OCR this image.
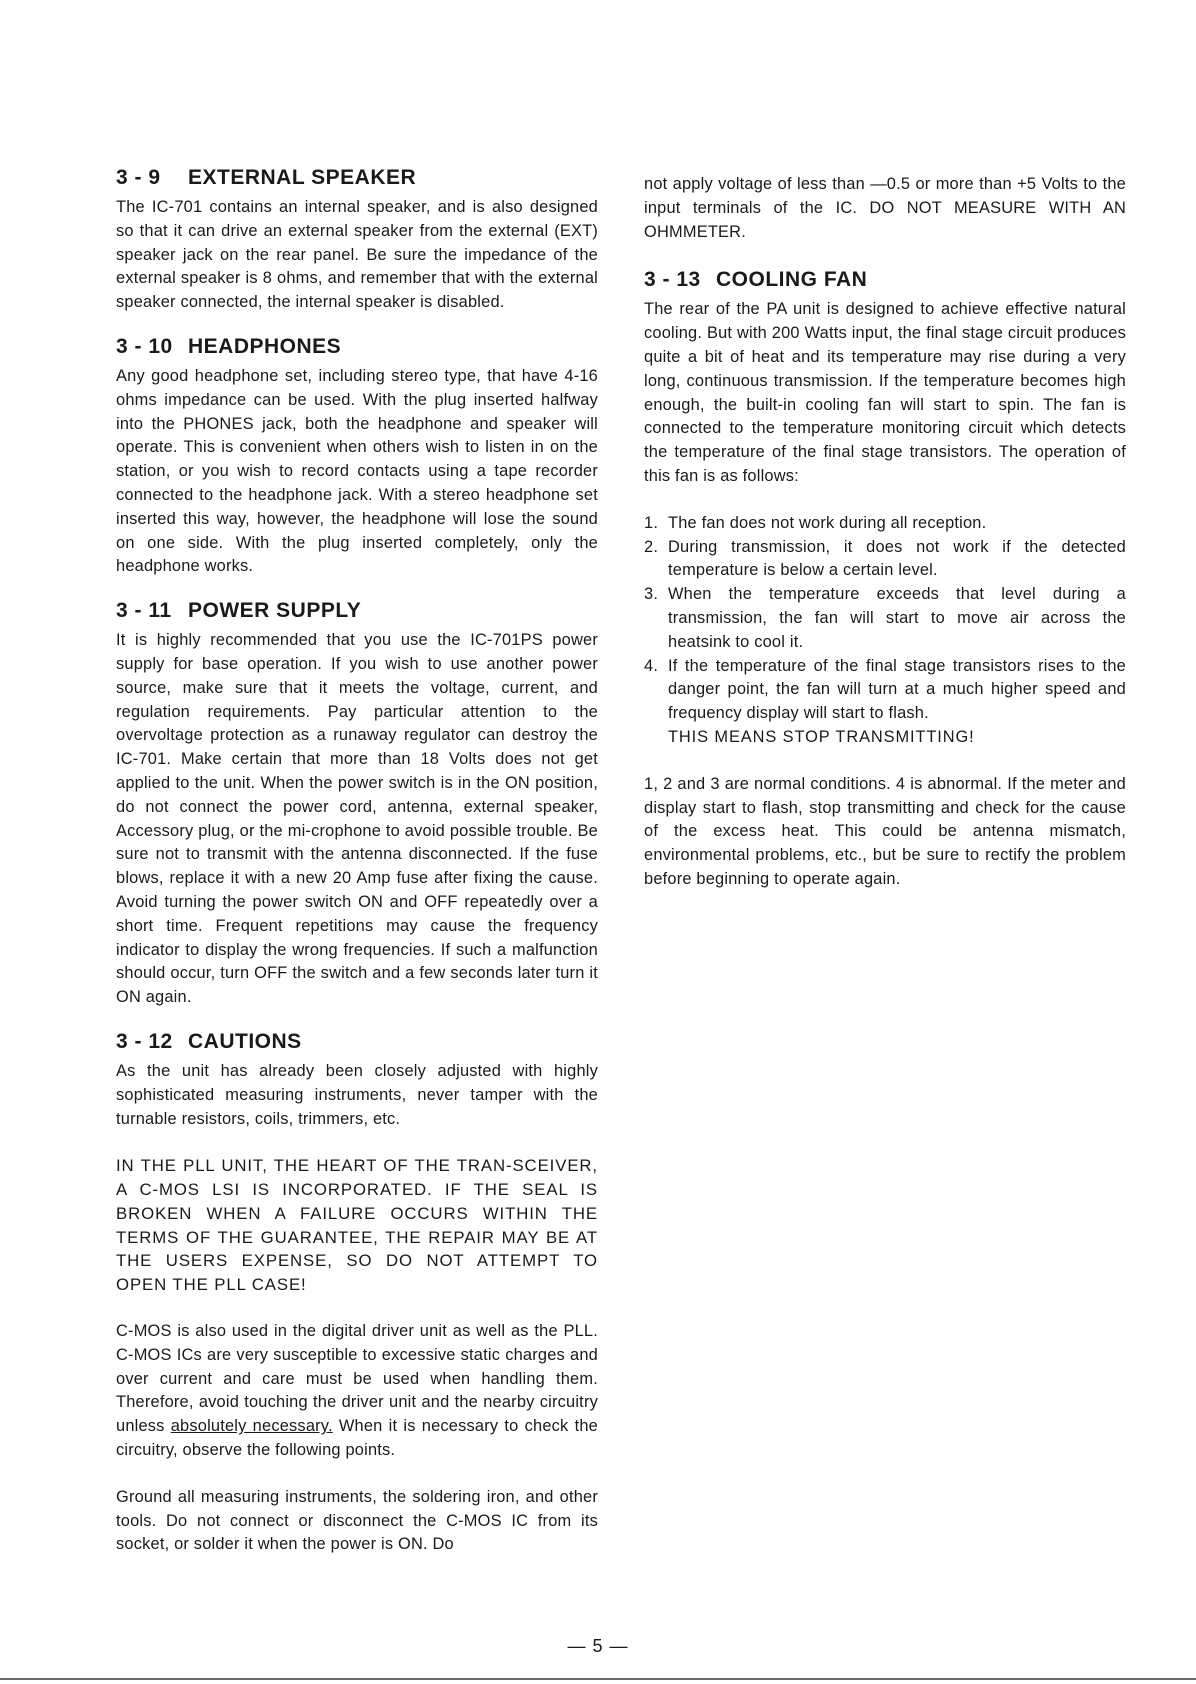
3 - 9 EXTERNAL SPEAKER

The IC-701 contains an internal speaker, and is also designed so that it can drive an external speaker from the external (EXT) speaker jack on the rear panel. Be sure the impedance of the external speaker is 8 ohms, and remember that with the external speaker connected, the internal speaker is disabled.

3 - 10 HEADPHONES

Any good headphone set, including stereo type, that have 4-16 ohms impedance can be used. With the plug inserted halfway into the PHONES jack, both the headphone and speaker will operate. This is convenient when others wish to listen in on the station, or you wish to record contacts using a tape recorder connected to the headphone jack. With a stereo headphone set inserted this way, however, the headphone will lose the sound on one side. With the plug inserted completely, only the headphone works.

3 - 11 POWER SUPPLY

It is highly recommended that you use the IC-701PS power supply for base operation. If you wish to use another power source, make sure that it meets the voltage, current, and regulation requirements. Pay particular attention to the overvoltage protection as a runaway regulator can destroy the IC-701. Make certain that more than 18 Volts does not get applied to the unit. When the power switch is in the ON position, do not connect the power cord, antenna, external speaker, Accessory plug, or the mi-crophone to avoid possible trouble. Be sure not to transmit with the antenna disconnected. If the fuse blows, replace it with a new 20 Amp fuse after fixing the cause. Avoid turning the power switch ON and OFF repeatedly over a short time. Frequent repetitions may cause the frequency indicator to display the wrong frequencies. If such a malfunction should occur, turn OFF the switch and a few seconds later turn it ON again.

3 - 12 CAUTIONS

As the unit has already been closely adjusted with highly sophisticated measuring instruments, never tamper with the turnable resistors, coils, trimmers, etc.

IN THE PLL UNIT, THE HEART OF THE TRAN-SCEIVER, A C-MOS LSI IS INCORPORATED. IF THE SEAL IS BROKEN WHEN A FAILURE OCCURS WITHIN THE TERMS OF THE GUARANTEE, THE REPAIR MAY BE AT THE USERS EXPENSE, SO DO NOT ATTEMPT TO OPEN THE PLL CASE!

C-MOS is also used in the digital driver unit as well as the PLL. C-MOS ICs are very susceptible to excessive static charges and over current and care must be used when handling them. Therefore, avoid touching the driver unit and the nearby circuitry unless absolutely necessary. When it is necessary to check the circuitry, observe the following points.

Ground all measuring instruments, the soldering iron, and other tools. Do not connect or disconnect the C-MOS IC from its socket, or solder it when the power is ON. Do

not apply voltage of less than —0.5 or more than +5 Volts to the input terminals of the IC. DO NOT MEASURE WITH AN OHMMETER.

3 - 13 COOLING FAN

The rear of the PA unit is designed to achieve effective natural cooling. But with 200 Watts input, the final stage circuit produces quite a bit of heat and its temperature may rise during a very long, continuous transmission. If the temperature becomes high enough, the built-in cooling fan will start to spin. The fan is connected to the temperature monitoring circuit which detects the temperature of the final stage transistors. The operation of this fan is as follows:

1. The fan does not work during all reception.
2. During transmission, it does not work if the detected temperature is below a certain level.
3. When the temperature exceeds that level during a transmission, the fan will start to move air across the heatsink to cool it.
4. If the temperature of the final stage transistors rises to the danger point, the fan will turn at a much higher speed and frequency display will start to flash.
THIS MEANS STOP TRANSMITTING!

1, 2 and 3 are normal conditions. 4 is abnormal. If the meter and display start to flash, stop transmitting and check for the cause of the excess heat. This could be antenna mismatch, environmental problems, etc., but be sure to rectify the problem before beginning to operate again.

— 5 —
